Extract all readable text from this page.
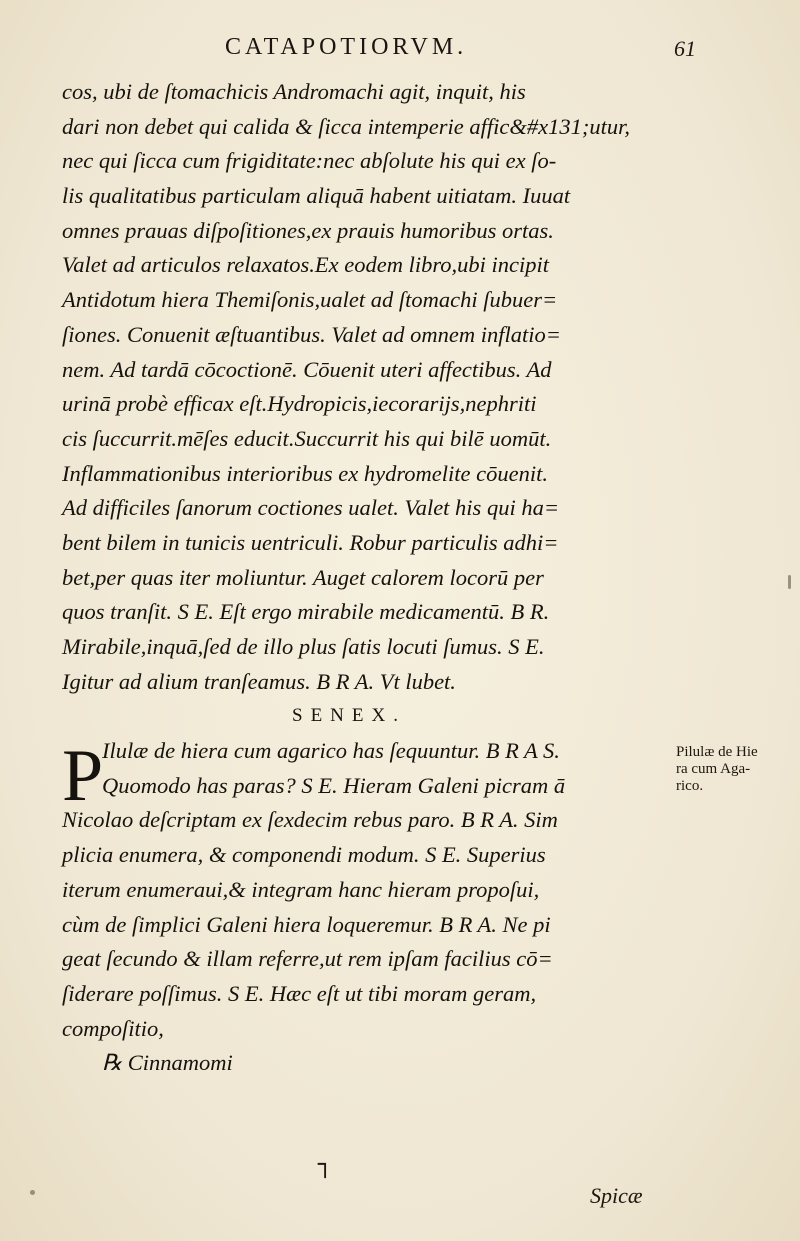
CATAPOTIORVM.	61
cos, ubi de ſtomachicis Andromachi agit, inquit, his
dari non debet qui calida & ſicca intemperie affic&#x131;utur,
nec qui ſicca cum frigiditate:nec abſolute his qui ex ſo-
lis qualitatibus particulam aliquā habent uitiatam. Iuuat
omnes prauas diſpoſitiones,ex prauis humoribus ortas.
Valet ad articulos relaxatos.Ex eodem libro,ubi incipit
Antidotum hiera Themiſonis,ualet ad ſtomachi ſubuer=
ſiones. Conuenit æſtuantibus. Valet ad omnem inflatio=
nem. Ad tardā cōcoctionē. Cōuenit uteri affectibus. Ad
urinā probè efficax eſt.Hydropicis,iecorarijs,nephriti
cis ſuccurrit.mēſes educit.Succurrit his qui bilē uomūt.
Inflammationibus interioribus ex hydromelite cōuenit.
Ad difficiles ſanorum coctiones ualet. Valet his qui ha=
bent bilem in tunicis uentriculi. Robur particulis adhi=
bet,per quas iter moliuntur. Auget calorem locorū per
quos tranſit. S E. Eſt ergo mirabile medicamentū. B R.
Mirabile,inquā,ſed de illo plus ſatis locuti ſumus. S E.
Igitur ad alium tranſeamus. B R A. Vt lubet.
SENEX.
Ilulæ de hiera cum agarico has ſequuntur. B R A S.
Quomodo has paras? S E. Hieram Galeni picram ā
Nicolao deſcriptam ex ſexdecim rebus paro. B R A. Sim
plicia enumera, & componendi modum. S E. Superius
iterum enumeraui,& integram hanc hieram propoſui,
cùm de ſimplici Galeni hiera loqueremur. B R A. Ne pi
geat ſecundo & illam referre,ut rem ipſam facilius cō=
ſiderare poſſimus. S E. Hæc eſt ut tibi moram geram,
compoſitio,
℞ Cinnamomi
P
┐
Pilulæ de Hie
ra cum Aga-
rico.
Spicæ
